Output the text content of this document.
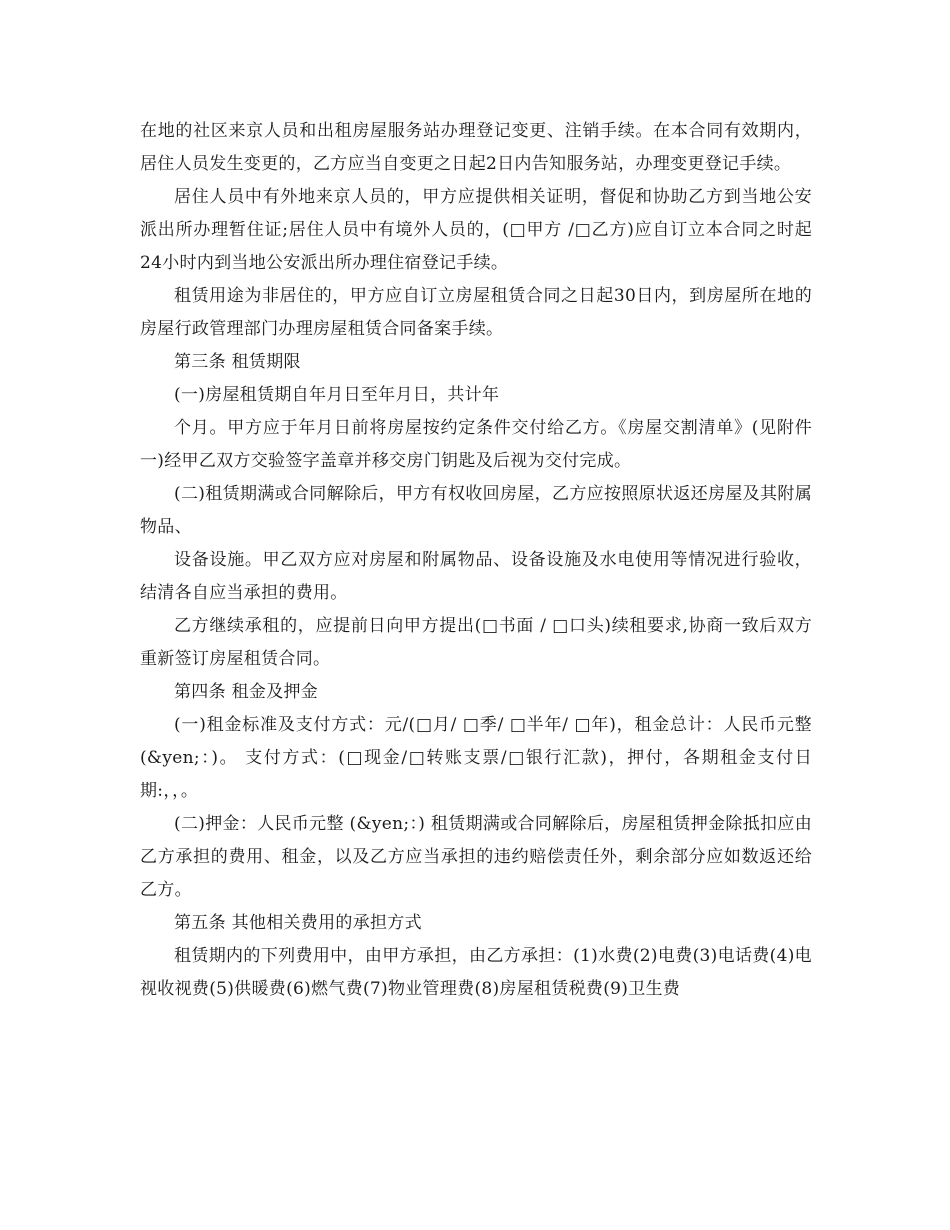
在地的社区来京人员和出租房屋服务站办理登记变更、注销手续。在本合同有效期内，居住人员发生变更的，乙方应当自变更之日起2日内告知服务站，办理变更登记手续。

居住人员中有外地来京人员的，甲方应提供相关证明，督促和协助乙方到当地公安派出所办理暂住证;居住人员中有境外人员的，(□甲方 /□乙方)应自订立本合同之时起24小时内到当地公安派出所办理住宿登记手续。

租赁用途为非居住的，甲方应自订立房屋租赁合同之日起30日内，到房屋所在地的房屋行政管理部门办理房屋租赁合同备案手续。

第三条 租赁期限

(一)房屋租赁期自年月日至年月日，共计年

个月。甲方应于年月日前将房屋按约定条件交付给乙方。《房屋交割清单》(见附件一)经甲乙双方交验签字盖章并移交房门钥匙及后视为交付完成。

(二)租赁期满或合同解除后，甲方有权收回房屋，乙方应按照原状返还房屋及其附属物品、

设备设施。甲乙双方应对房屋和附属物品、设备设施及水电使用等情况进行验收，结清各自应当承担的费用。

乙方继续承租的，应提前日向甲方提出(□书面 / □口头)续租要求,协商一致后双方重新签订房屋租赁合同。

第四条 租金及押金

(一)租金标准及支付方式：元/(□月/ □季/ □半年/ □年)，租金总计：人民币元整(&yen;：)。 支付方式：(□现金/□转账支票/□银行汇款)，押付，各期租金支付日期:，，。

(二)押金：人民币元整 (&yen;：) 租赁期满或合同解除后，房屋租赁押金除抵扣应由乙方承担的费用、租金，以及乙方应当承担的违约赔偿责任外，剩余部分应如数返还给乙方。

第五条 其他相关费用的承担方式

租赁期内的下列费用中，由甲方承担，由乙方承担：(1)水费(2)电费(3)电话费(4)电视收视费(5)供暖费(6)燃气费(7)物业管理费(8)房屋租赁税费(9)卫生费
